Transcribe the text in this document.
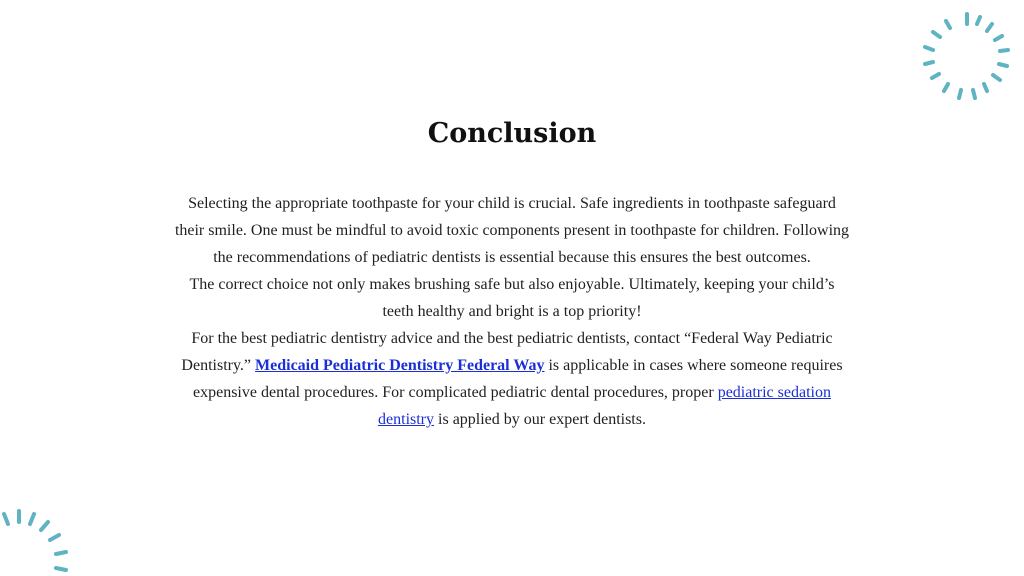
Conclusion

Selecting the appropriate toothpaste for your child is crucial. Safe ingredients in toothpaste safeguard their smile. One must be mindful to avoid toxic components present in toothpaste for children. Following the recommendations of pediatric dentists is essential because this ensures the best outcomes.

The correct choice not only makes brushing safe but also enjoyable. Ultimately, keeping your child’s teeth healthy and bright is a top priority!

For the best pediatric dentistry advice and the best pediatric dentists, contact “Federal Way Pediatric Dentistry.” Medicaid Pediatric Dentistry Federal Way is applicable in cases where someone requires expensive dental procedures. For complicated pediatric dental procedures, proper pediatric sedation dentistry is applied by our expert dentists.
